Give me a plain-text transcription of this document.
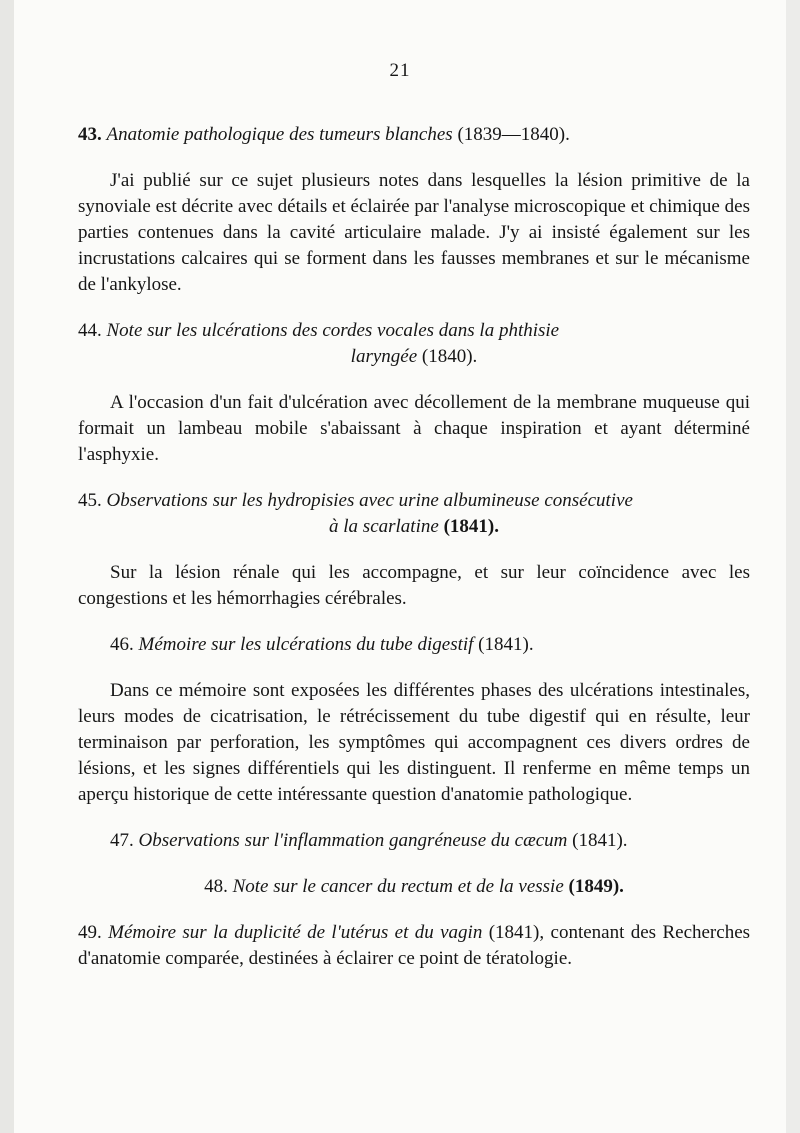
21
43. Anatomie pathologique des tumeurs blanches (1839—1840).

J'ai publié sur ce sujet plusieurs notes dans lesquelles la lésion primitive de la synoviale est décrite avec détails et éclairée par l'analyse microscopique et chimique des parties contenues dans la cavité articulaire malade. J'y ai insisté également sur les incrustations calcaires qui se forment dans les fausses membranes et sur le mécanisme de l'ankylose.

44. Note sur les ulcérations des cordes vocales dans la phthisie
laryngée (1840).

A l'occasion d'un fait d'ulcération avec décollement de la membrane muqueuse qui formait un lambeau mobile s'abaissant à chaque inspiration et ayant déterminé l'asphyxie.

45. Observations sur les hydropisies avec urine albumineuse consécutive
à la scarlatine (1841).

Sur la lésion rénale qui les accompagne, et sur leur coïncidence avec les congestions et les hémorrhagies cérébrales.

46. Mémoire sur les ulcérations du tube digestif (1841).

Dans ce mémoire sont exposées les différentes phases des ulcérations intestinales, leurs modes de cicatrisation, le rétrécissement du tube digestif qui en résulte, leur terminaison par perforation, les symptômes qui accompagnent ces divers ordres de lésions, et les signes différentiels qui les distinguent. Il renferme en même temps un aperçu historique de cette intéressante question d'anatomie pathologique.

47. Observations sur l'inflammation gangréneuse du cæcum (1841).
48. Note sur le cancer du rectum et de la vessie (1849).
49. Mémoire sur la duplicité de l'utérus et du vagin (1841), contenant des Recherches d'anatomie comparée, destinées à éclairer ce point de tératologie.
